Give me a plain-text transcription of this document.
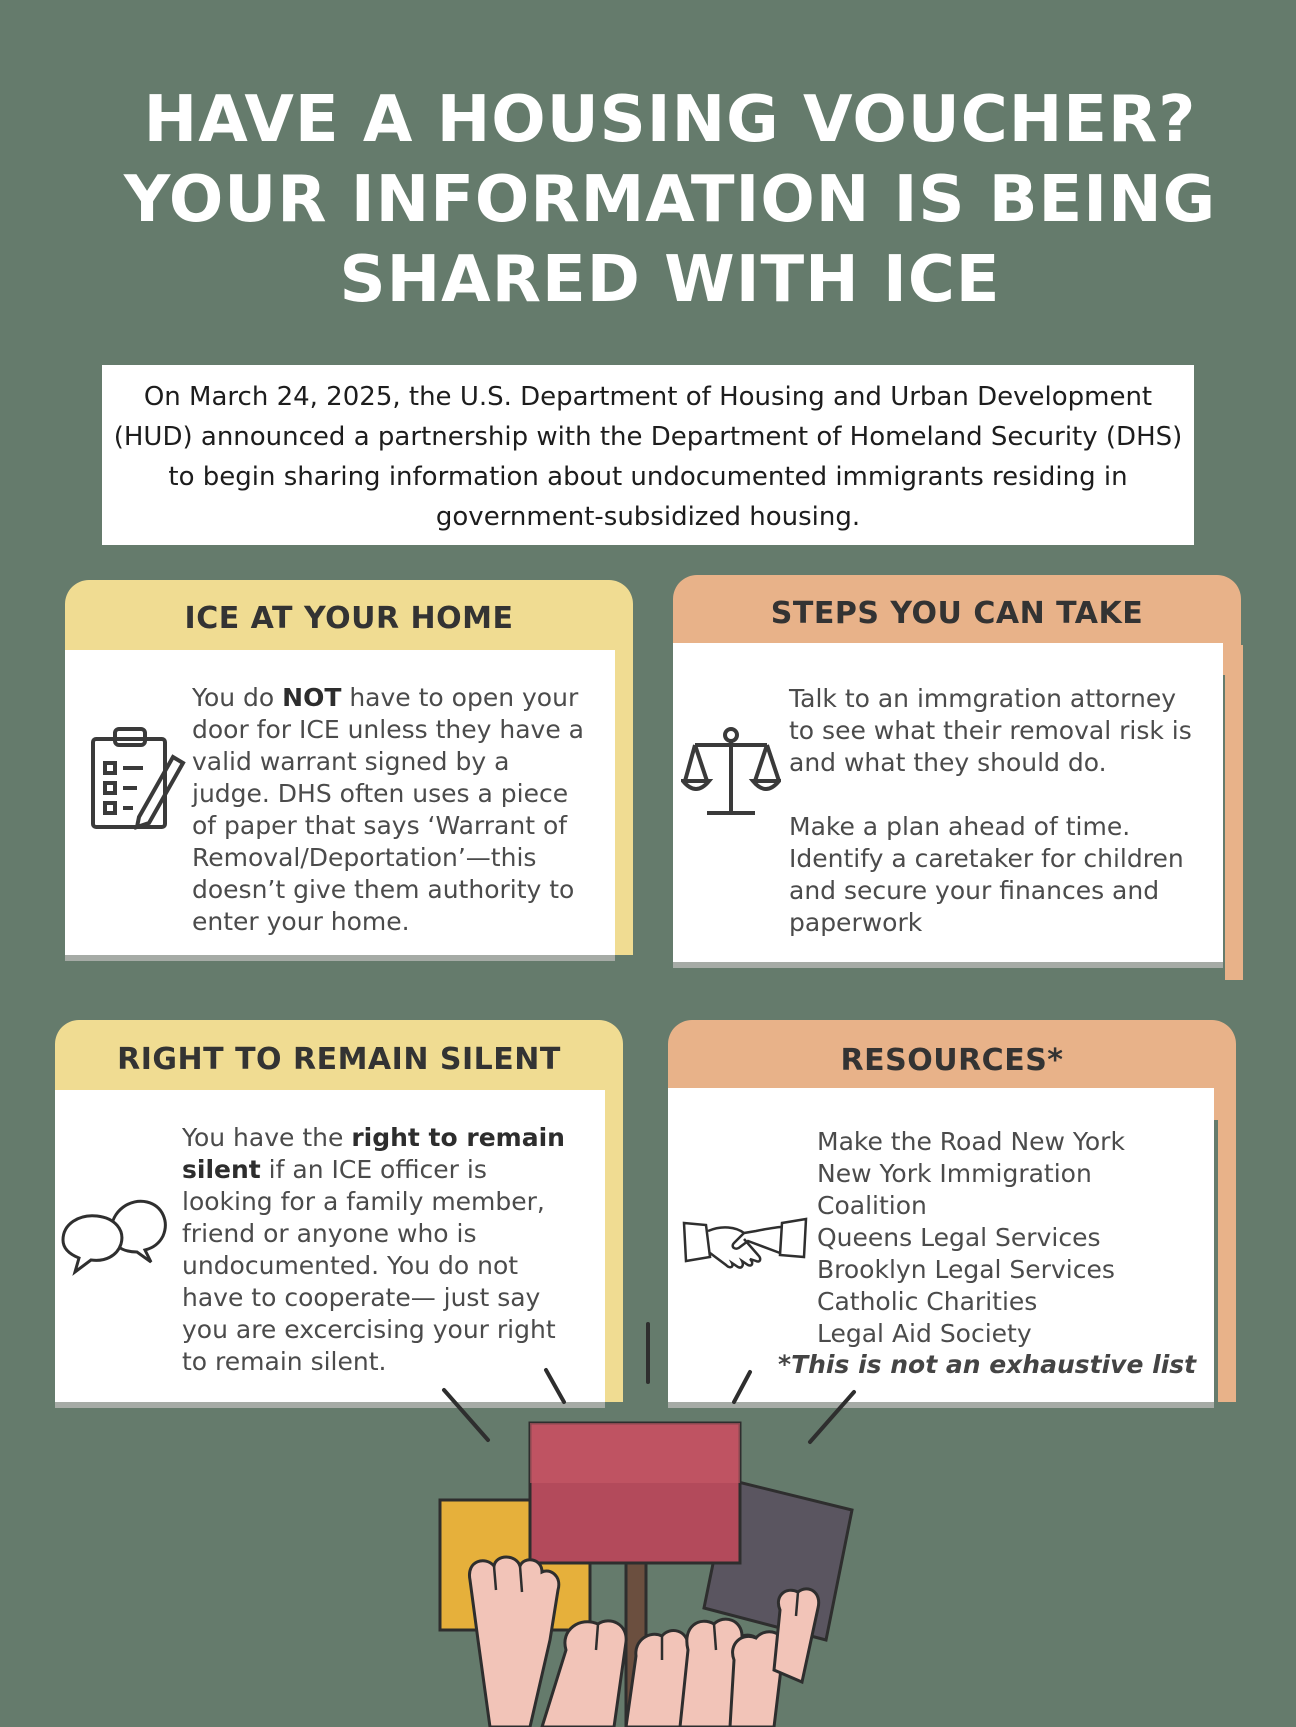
HAVE A HOUSING VOUCHER?
YOUR INFORMATION IS BEING
SHARED WITH ICE
On March 24, 2025, the U.S. Department of Housing and Urban Development (HUD) announced a partnership with the Department of Homeland Security (DHS) to begin sharing information about undocumented immigrants residing in government-subsidized housing.
ICE AT YOUR HOME
You do NOT have to open your door for ICE unless they have a valid warrant signed by a judge. DHS often uses a piece of paper that says ‘Warrant of Removal/Deportation’—this doesn’t give them authority to enter your home.
STEPS YOU CAN TAKE
Talk to an immgration attorney to see what their removal risk is and what they should do.
Make a plan ahead of time. Identify a caretaker for children and secure your finances and paperwork
RIGHT TO REMAIN SILENT
You have the right to remain silent if an ICE officer is looking for a family member, friend or anyone who is undocumented. You do not have to cooperate— just say you are excercising your right to remain silent.
RESOURCES*
Make the Road New York
New York Immigration
Coalition
Queens Legal Services
Brooklyn Legal Services
Catholic Charities
Legal Aid Society
*This is not an exhaustive list
